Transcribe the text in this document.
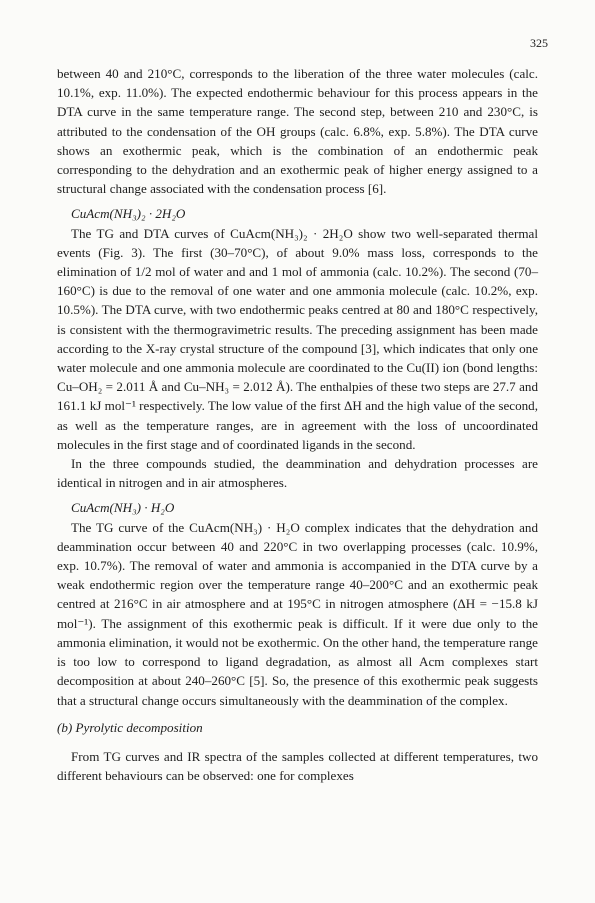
325

between 40 and 210°C, corresponds to the liberation of the three water molecules (calc. 10.1%, exp. 11.0%). The expected endothermic behaviour for this process appears in the DTA curve in the same temperature range. The second step, between 210 and 230°C, is attributed to the condensation of the OH groups (calc. 6.8%, exp. 5.8%). The DTA curve shows an exothermic peak, which is the combination of an endothermic peak corresponding to the dehydration and an exothermic peak of higher energy assigned to a structural change associated with the condensation process [6].

CuAcm(NH₃)₂ · 2H₂O

The TG and DTA curves of CuAcm(NH₃)₂ · 2H₂O show two well-separated thermal events (Fig. 3). The first (30–70°C), of about 9.0% mass loss, corresponds to the elimination of 1/2 mol of water and and 1 mol of ammonia (calc. 10.2%). The second (70–160°C) is due to the removal of one water and one ammonia molecule (calc. 10.2%, exp. 10.5%). The DTA curve, with two endothermic peaks centred at 80 and 180°C respectively, is consistent with the thermogravimetric results. The preceding assignment has been made according to the X-ray crystal structure of the compound [3], which indicates that only one water molecule and one ammonia molecule are coordinated to the Cu(II) ion (bond lengths: Cu–OH₂ = 2.011 Å and Cu–NH₃ = 2.012 Å). The enthalpies of these two steps are 27.7 and 161.1 kJ mol⁻¹ respectively. The low value of the first ΔH and the high value of the second, as well as the temperature ranges, are in agreement with the loss of uncoordinated molecules in the first stage and of coordinated ligands in the second.

In the three compounds studied, the deammination and dehydration processes are identical in nitrogen and in air atmospheres.

CuAcm(NH₃) · H₂O

The TG curve of the CuAcm(NH₃) · H₂O complex indicates that the dehydration and deammination occur between 40 and 220°C in two overlapping processes (calc. 10.9%, exp. 10.7%). The removal of water and ammonia is accompanied in the DTA curve by a weak endothermic region over the temperature range 40–200°C and an exothermic peak centred at 216°C in air atmosphere and at 195°C in nitrogen atmosphere (ΔH = −15.8 kJ mol⁻¹). The assignment of this exothermic peak is difficult. If it were due only to the ammonia elimination, it would not be exothermic. On the other hand, the temperature range is too low to correspond to ligand degradation, as almost all Acm complexes start decomposition at about 240–260°C [5]. So, the presence of this exothermic peak suggests that a structural change occurs simultaneously with the deammination of the complex.

(b) Pyrolytic decomposition

From TG curves and IR spectra of the samples collected at different temperatures, two different behaviours can be observed: one for complexes
